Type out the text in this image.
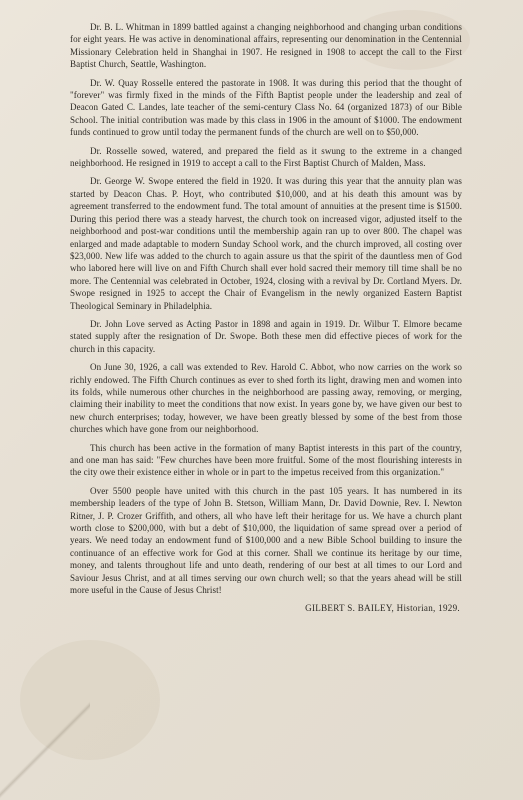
Dr. B. L. Whitman in 1899 battled against a changing neighborhood and changing urban conditions for eight years. He was active in denominational affairs, representing our denomination in the Centennial Missionary Celebration held in Shanghai in 1907. He resigned in 1908 to accept the call to the First Baptist Church, Seattle, Washington.

Dr. W. Quay Rosselle entered the pastorate in 1908. It was during this period that the thought of "forever" was firmly fixed in the minds of the Fifth Baptist people under the leadership and zeal of Deacon Gated C. Landes, late teacher of the semi-century Class No. 64 (organized 1873) of our Bible School. The initial contribution was made by this class in 1906 in the amount of $1000. The endowment funds continued to grow until today the permanent funds of the church are well on to $50,000.

Dr. Rosselle sowed, watered, and prepared the field as it swung to the extreme in a changed neighborhood. He resigned in 1919 to accept a call to the First Baptist Church of Malden, Mass.

Dr. George W. Swope entered the field in 1920. It was during this year that the annuity plan was started by Deacon Chas. P. Hoyt, who contributed $10,000, and at his death this amount was by agreement transferred to the endowment fund. The total amount of annuities at the present time is $1500. During this period there was a steady harvest, the church took on increased vigor, adjusted itself to the neighborhood and post-war conditions until the membership again ran up to over 800. The chapel was enlarged and made adaptable to modern Sunday School work, and the church improved, all costing over $23,000. New life was added to the church to again assure us that the spirit of the dauntless men of God who labored here will live on and Fifth Church shall ever hold sacred their memory till time shall be no more. The Centennial was celebrated in October, 1924, closing with a revival by Dr. Cortland Myers. Dr. Swope resigned in 1925 to accept the Chair of Evangelism in the newly organized Eastern Baptist Theological Seminary in Philadelphia.

Dr. John Love served as Acting Pastor in 1898 and again in 1919. Dr. Wilbur T. Elmore became stated supply after the resignation of Dr. Swope. Both these men did effective pieces of work for the church in this capacity.

On June 30, 1926, a call was extended to Rev. Harold C. Abbot, who now carries on the work so richly endowed. The Fifth Church continues as ever to shed forth its light, drawing men and women into its folds, while numerous other churches in the neighborhood are passing away, removing, or merging, claiming their inability to meet the conditions that now exist. In years gone by, we have given our best to new church enterprises; today, however, we have been greatly blessed by some of the best from those churches which have gone from our neighborhood.

This church has been active in the formation of many Baptist interests in this part of the country, and one man has said: "Few churches have been more fruitful. Some of the most flourishing interests in the city owe their existence either in whole or in part to the impetus received from this organization."

Over 5500 people have united with this church in the past 105 years. It has numbered in its membership leaders of the type of John B. Stetson, William Mann, Dr. David Downie, Rev. I. Newton Ritner, J. P. Crozer Griffith, and others, all who have left their heritage for us. We have a church plant worth close to $200,000, with but a debt of $10,000, the liquidation of same spread over a period of years. We need today an endowment fund of $100,000 and a new Bible School building to insure the continuance of an effective work for God at this corner. Shall we continue its heritage by our time, money, and talents throughout life and unto death, rendering of our best at all times to our Lord and Saviour Jesus Christ, and at all times serving our own church well; so that the years ahead will be still more useful in the Cause of Jesus Christ!

GILBERT S. BAILEY, Historian, 1929.
